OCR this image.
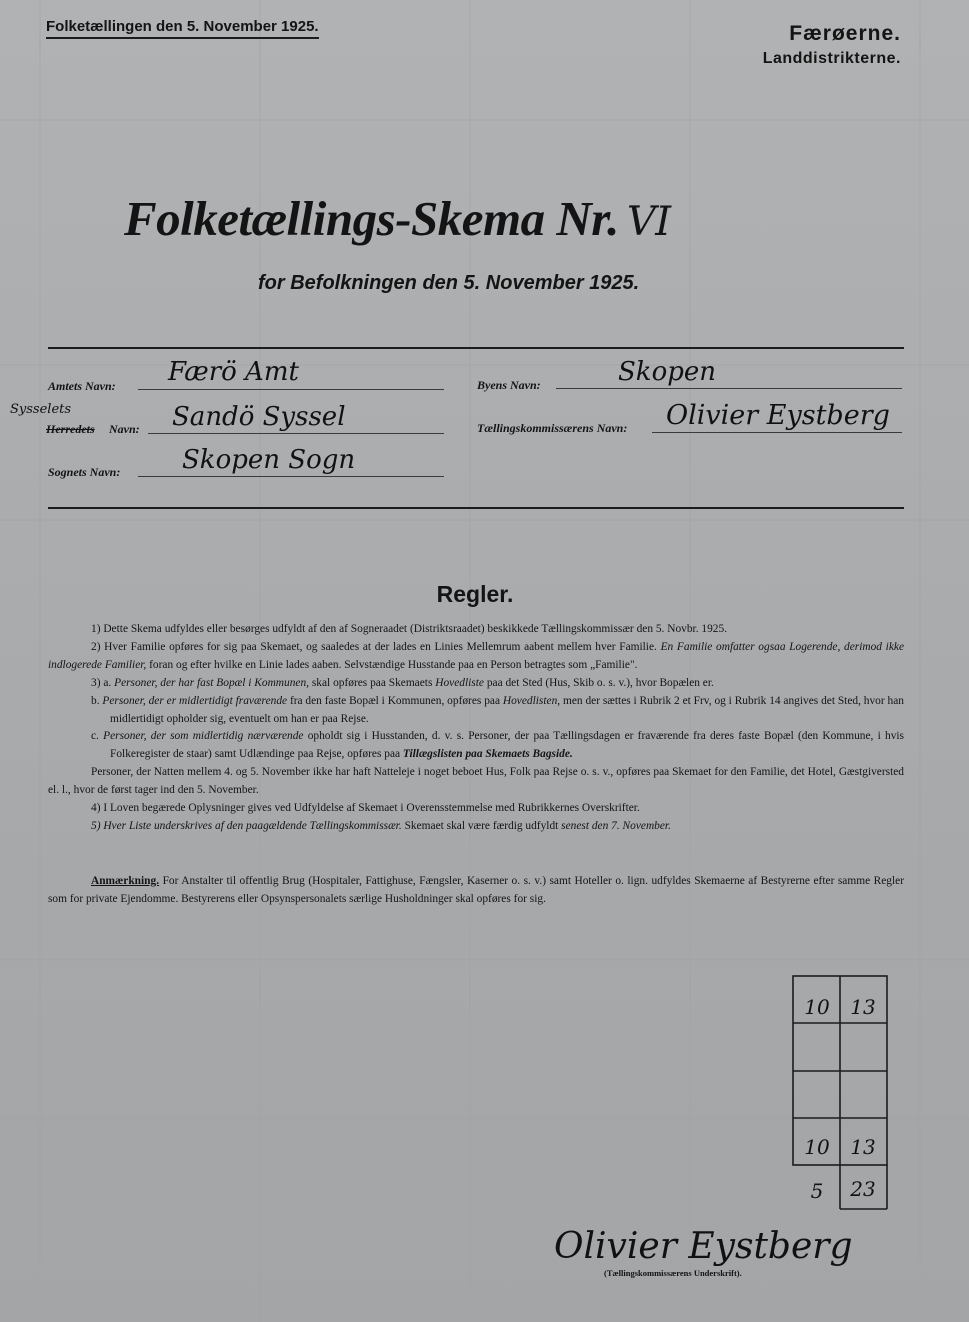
Folketællingen den 5. November 1925.	Færøerne.
Landdistrikterne.
Folketællings-Skema Nr. VI
for Befolkningen den 5. November 1925.
Amtets Navn: Færö Amt	Byens Navn:	Skopen
Sysselets
Herredets Navn: Sandö Syssel	Tællingskommissærens Navn: Olivier Eystberg
Sognets Navn: Skopen Sogn
Regler.

1) Dette Skema udfyldes eller besørges udfyldt af den af Sogneraadet (Distriktsraadet) beskikkede Tællingskommissær den 5. Novbr. 1925.

2) Hver Familie opføres for sig paa Skemaet, og saaledes at der lades en Linies Mellemrum aabent mellem hver Familie. En Familie omfatter ogsaa Logerende, derimod ikke indlogerede Familier, foran og efter hvilke en Linie lades aaben. Selvstændige Husstande paa en Person betragtes som „Familie".

3) a. Personer, der har fast Bopæl i Kommunen, skal opføres paa Skemaets Hovedliste paa det Sted (Hus, Skib o. s. v.), hvor Bopælen er.

b. Personer, der er midlertidigt fraværende fra den faste Bopæl i Kommunen, opføres paa Hovedlisten, men der sættes i Rubrik 2 et Frv, og i Rubrik 14 angives det Sted, hvor han midlertidigt opholder sig, eventuelt om han er paa Rejse.

c. Personer, der som midlertidig nærværende opholdt sig i Husstanden, d. v. s. Personer, der paa Tællingsdagen er fraværende fra deres faste Bopæl (den Kommune, i hvis Folkeregister de staar) samt Udlændinge paa Rejse, opføres paa Tillægslisten paa Skemaets Bagside.

Personer, der Natten mellem 4. og 5. November ikke har haft Natteleje i noget beboet Hus, Folk paa Rejse o. s. v., opføres paa Skemaet for den Familie, det Hotel, Gæstgiversted el. l., hvor de først tager ind den 5. November.

4) I Loven begærede Oplysninger gives ved Udfyldelse af Skemaet i Overensstemmelse med Rubrikkernes Overskrifter.

5) Hver Liste underskrives af den paagældende Tællingskommissær. Skemaet skal være færdig udfyldt senest den 7. November.

Anmærkning. For Anstalter til offentlig Brug (Hospitaler, Fattighuse, Fængsler, Kaserner o. s. v.) samt Hoteller o. lign. udfyldes Skemaerne af Bestyrerne efter samme Regler som for private Ejendomme. Bestyrerens eller Opsynspersonalets særlige Husholdninger skal opføres for sig.
10	13
10	13
5	23
Olivier Eystberg
(Tællingskommissærens Underskrift).
